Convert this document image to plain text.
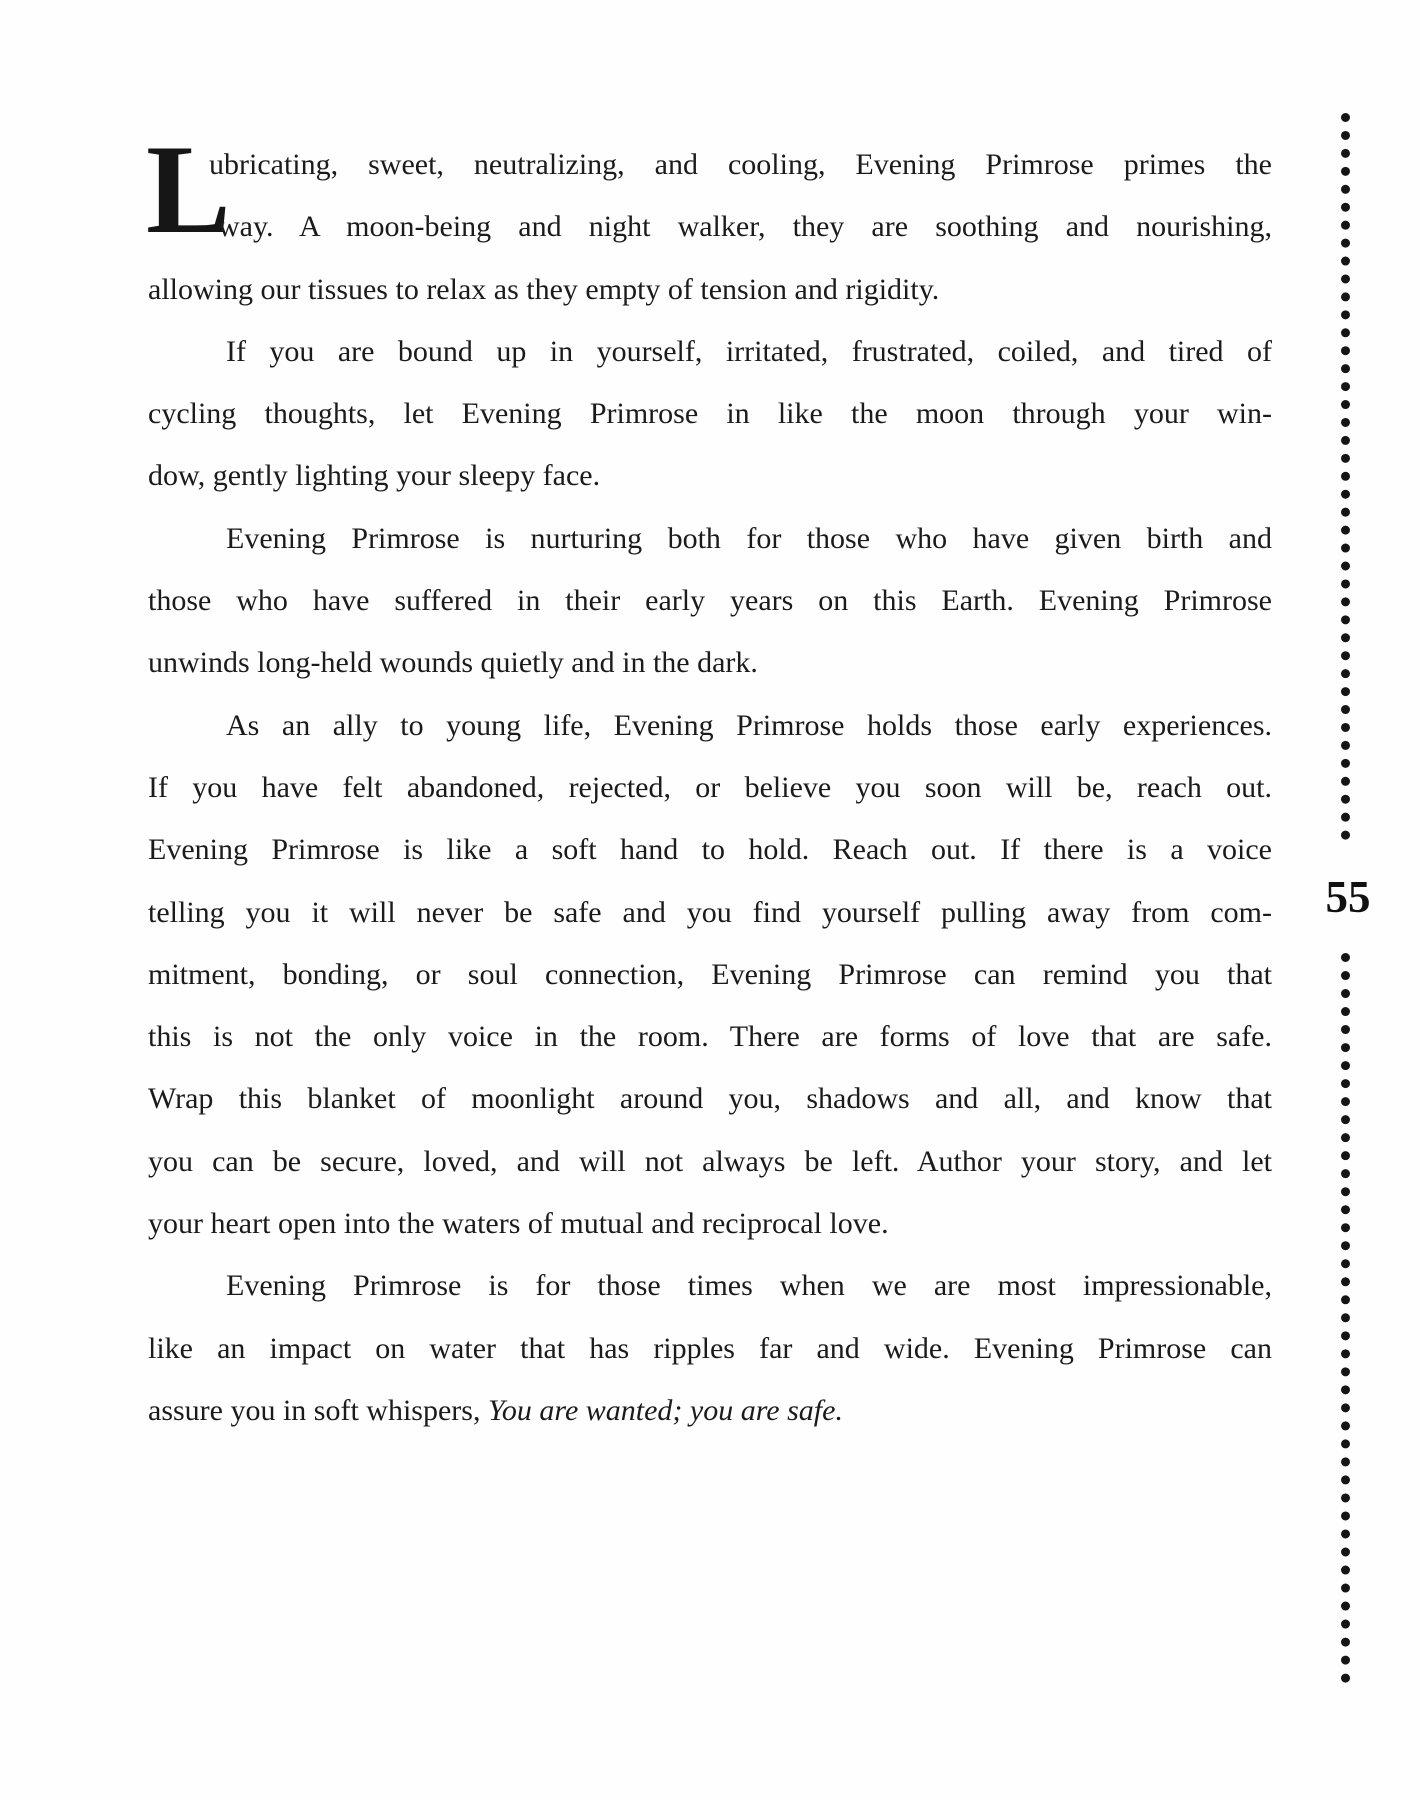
L
ubricating, sweet, neutralizing, and cooling, Evening Primrose primes the
way. A moon-being and night walker, they are soothing and nourishing,
allowing our tissues to relax as they empty of tension and rigidity.
If you are bound up in yourself, irritated, frustrated, coiled, and tired of
cycling thoughts, let Evening Primrose in like the moon through your win-
dow, gently lighting your sleepy face.
Evening Primrose is nurturing both for those who have given birth and
those who have suffered in their early years on this Earth. Evening Primrose
unwinds long-held wounds quietly and in the dark.
As an ally to young life, Evening Primrose holds those early experiences.
If you have felt abandoned, rejected, or believe you soon will be, reach out.
Evening Primrose is like a soft hand to hold. Reach out. If there is a voice
telling you it will never be safe and you find yourself pulling away from com-
mitment, bonding, or soul connection, Evening Primrose can remind you that
this is not the only voice in the room. There are forms of love that are safe.
Wrap this blanket of moonlight around you, shadows and all, and know that
you can be secure, loved, and will not always be left. Author your story, and let
your heart open into the waters of mutual and reciprocal love.
Evening Primrose is for those times when we are most impressionable,
like an impact on water that has ripples far and wide. Evening Primrose can
assure you in soft whispers, You are wanted; you are safe.
55
